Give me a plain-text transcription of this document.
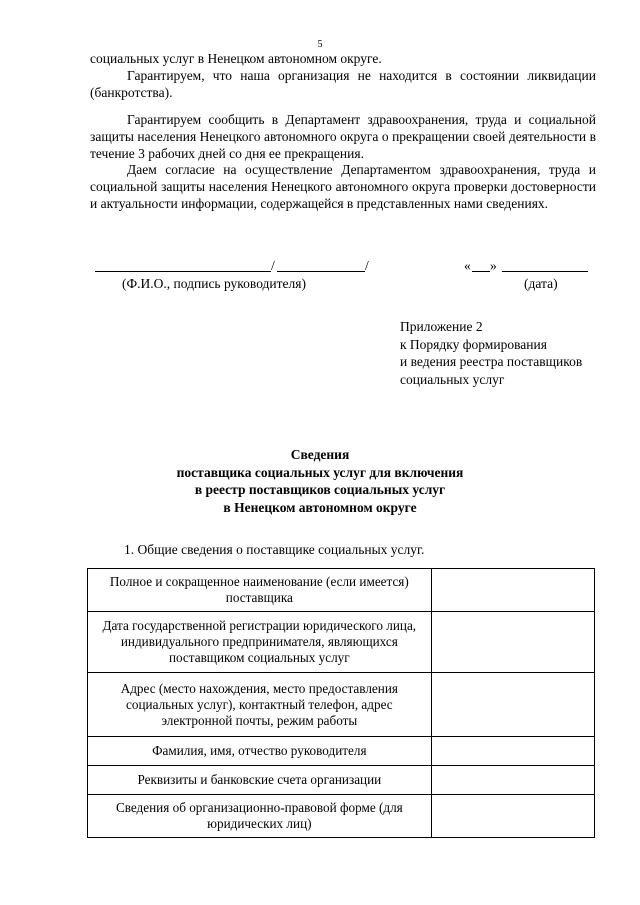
5
социальных услуг в Ненецком автономном округе.
Гарантируем, что наша организация не находится в состоянии ликвидации (банкротства).
Гарантируем сообщить в Департамент здравоохранения, труда и социальной защиты населения Ненецкого автономного округа о прекращении своей деятельности в течение 3 рабочих дней со дня ее прекращения.
Даем согласие на осуществление Департаментом здравоохранения, труда и социальной защиты населения Ненецкого автономного округа проверки достоверности и актуальности информации, содержащейся в представленных нами сведениях.
/	/	« »
(Ф.И.О., подпись руководителя)	(дата)
Приложение 2
к Порядку формирования
и ведения реестра поставщиков
социальных услуг
Сведения
поставщика социальных услуг для включения
в реестр поставщиков социальных услуг
в Ненецком автономном округе
1. Общие сведения о поставщике социальных услуг.
Полное и сокращенное наименование (если имеется) поставщика	
Дата государственной регистрации юридического лица, индивидуального предпринимателя, являющихся поставщиком социальных услуг	
Адрес (место нахождения, место предоставления социальных услуг), контактный телефон, адрес электронной почты, режим работы	
Фамилия, имя, отчество руководителя	
Реквизиты и банковские счета организации	
Сведения об организационно-правовой форме (для юридических лиц)	
